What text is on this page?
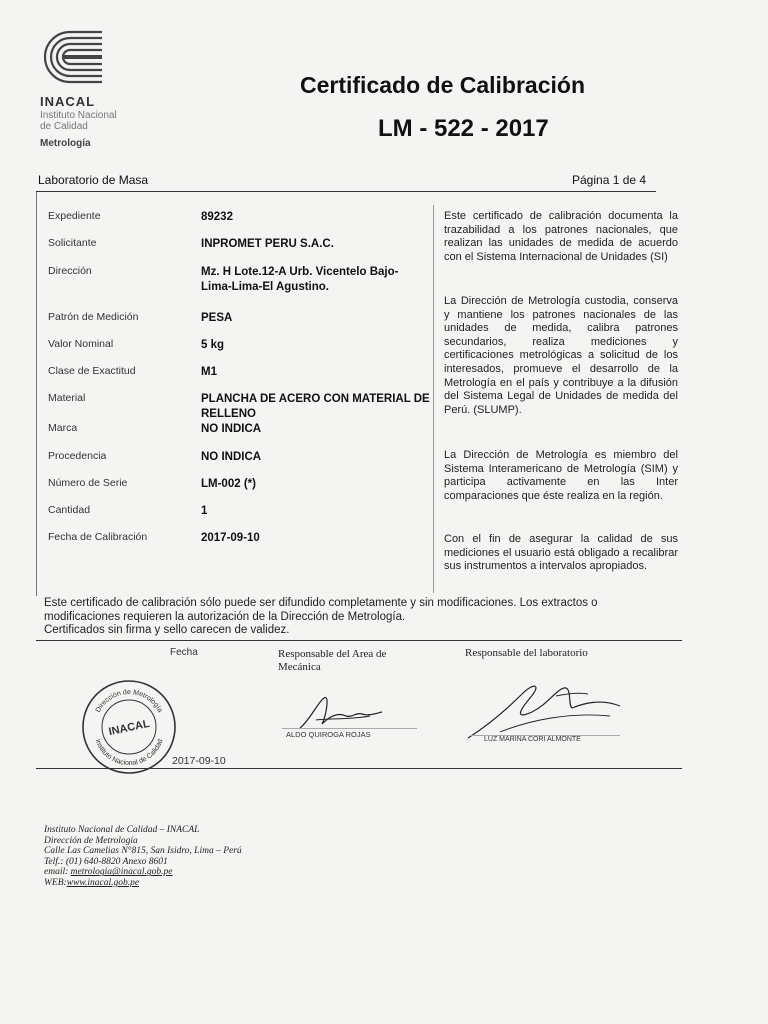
INACAL
Instituto Nacional
de Calidad
Metrología
Certificado de Calibración
LM - 522 - 2017
Laboratorio de Masa	Página 1 de 4
Expediente	89232
Solicitante	INPROMET PERU S.A.C.
Dirección	Mz. H Lote.12-A Urb. Vicentelo Bajo-Lima-Lima-El Agustino.
Patrón de Medición	PESA
Valor Nominal	5 kg
Clase de Exactitud	M1
Material	PLANCHA DE ACERO CON MATERIAL DE RELLENO
Marca	NO INDICA
Procedencia	NO INDICA
Número de Serie	LM-002 (*)
Cantidad	1
Fecha de Calibración	2017-09-10
Este certificado de calibración documenta la trazabilidad a los patrones nacionales, que realizan las unidades de medida de acuerdo con el Sistema Internacional de Unidades (SI)
La Dirección de Metrología custodia, conserva y mantiene los patrones nacionales de las unidades de medida, calibra patrones secundarios, realiza mediciones y certificaciones metrológicas a solicitud de los interesados, promueve el desarrollo de la Metrología en el país y contribuye a la difusión del Sistema Legal de Unidades de medida del Perú. (SLUMP).
La Dirección de Metrología es miembro del Sistema Interamericano de Metrología (SIM) y participa activamente en las Inter comparaciones que éste realiza en la región.
Con el fin de asegurar la calidad de sus mediciones el usuario está obligado a recalibrar sus instrumentos a intervalos apropiados.
Este certificado de calibración sólo puede ser difundido completamente y sin modificaciones. Los extractos o
modificaciones requieren la autorización de la Dirección de Metrología.
Certificados sin firma y sello carecen de validez.
Fecha	Responsable del Area de Mecánica
Responsable del laboratorio
Dirección de Metrología
Instituto Nacional de Calidad
INACAL
2017-09-10
ALDO QUIROGA ROJAS
LUZ MARINA CORI ALMONTE
Instituto Nacional de Calidad – INACAL
Dirección de Metrología
Calle Las Camelias N°815, San Isidro, Lima – Perú
Telf.: (01) 640-8820 Anexo 8601
email: metrologia@inacal.gob.pe
WEB:www.inacal.gob.pe
